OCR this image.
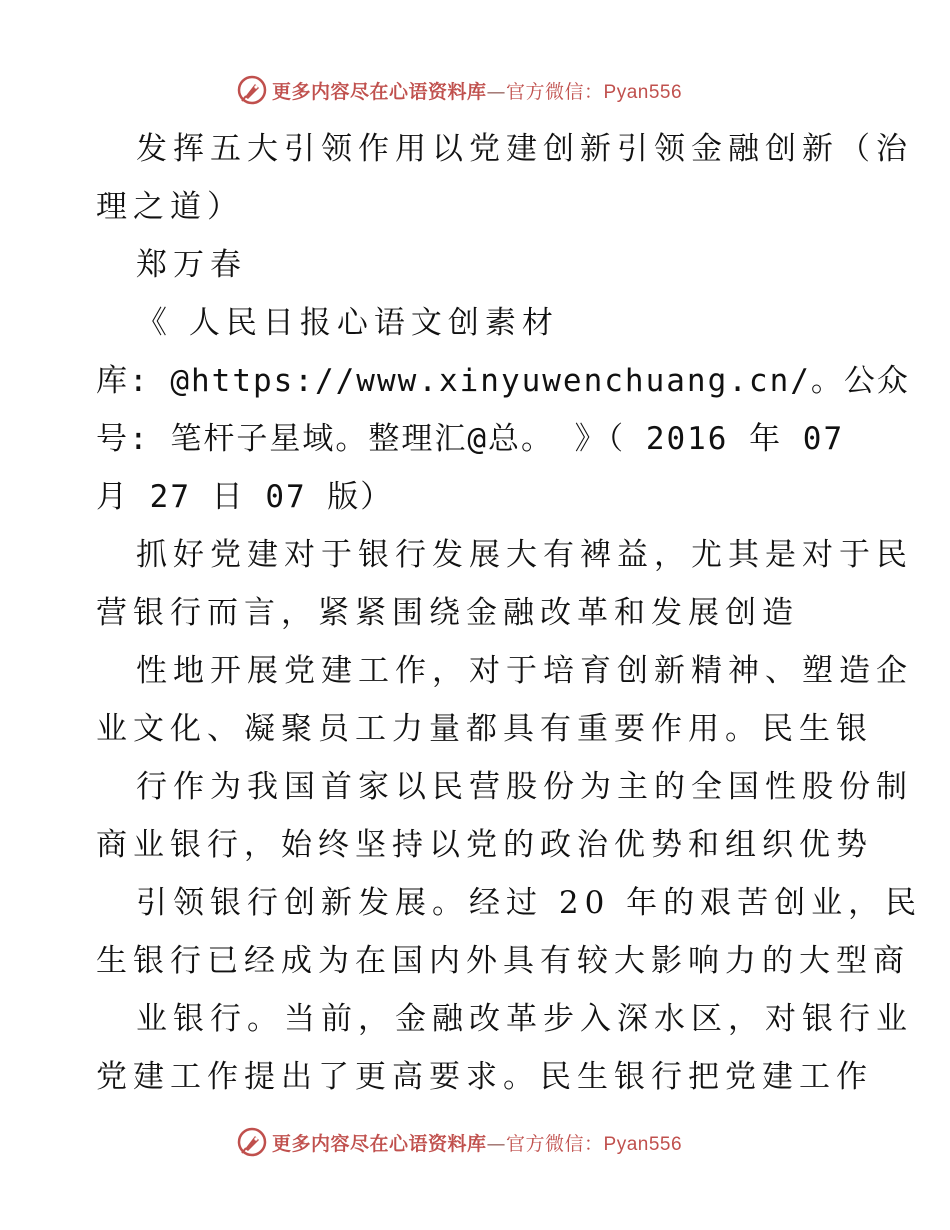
更多内容尽在心语资料库—官方微信：Pyan556
发挥五大引领作用以党建创新引领金融创新（治
理之道）
郑万春
《 人民日报心语文创素材
库: @https://www.xinyuwenchuang.cn/。公众
号: 笔杆子星域。整理汇@总。 》（ 2016 年 07
月 27 日 07 版）
抓好党建对于银行发展大有裨益，尤其是对于民
营银行而言，紧紧围绕金融改革和发展创造
性地开展党建工作，对于培育创新精神、塑造企
业文化、凝聚员工力量都具有重要作用。民生银
行作为我国首家以民营股份为主的全国性股份制
商业银行，始终坚持以党的政治优势和组织优势
引领银行创新发展。经过 20 年的艰苦创业，民
生银行已经成为在国内外具有较大影响力的大型商
业银行。当前，金融改革步入深水区，对银行业
党建工作提出了更高要求。民生银行把党建工作
更多内容尽在心语资料库—官方微信：Pyan556
